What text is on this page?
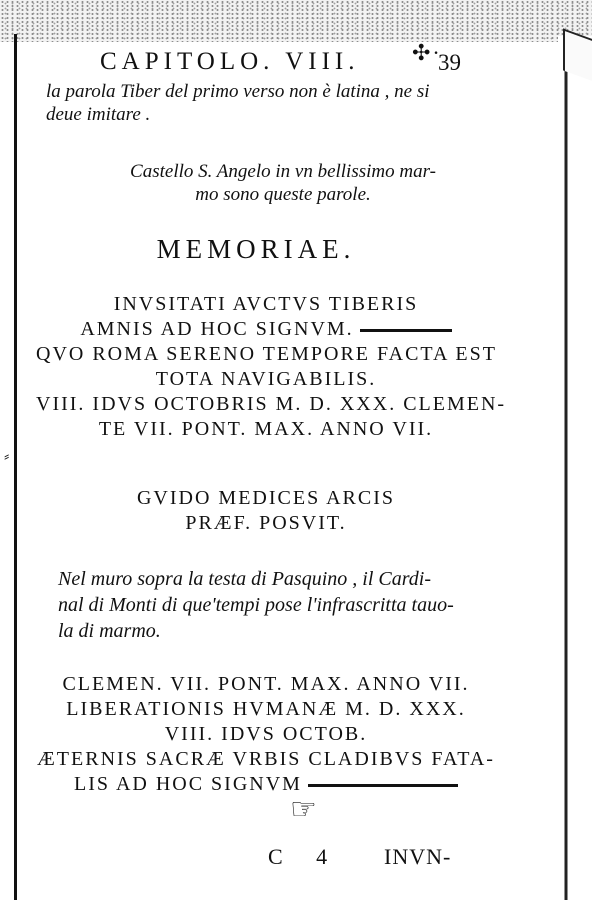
⸗
CAPITOLO. VIII. ✣·
39

la parola Tiber del primo verso non è latina , ne si

deue imitare .

Castello S. Angelo in vn bellissimo mar-

mo sono queste parole.

MEMORIAE.
INVSITATI AVCTVS TIBERIS
AMNIS AD HOC SIGNVM.
QVO ROMA SERENO TEMPORE FACTA EST
TOTA NAVIGABILIS.
VIII. IDVS OCTOBRIS M. D. XXX. CLEMEN-
TE VII. PONT. MAX. ANNO VII.
GVIDO MEDICES ARCIS
PRÆF. POSVIT.

Nel muro sopra la testa di Pasquino , il Cardi-

nal di Monti di que'tempi pose l'infrascritta tauo-

la di marmo.

CLEMEN. VII. PONT. MAX. ANNO VII.
LIBERATIONIS HVMANÆ M. D. XXX.
VIII. IDVS OCTOB.
ÆTERNIS SACRÆ VRBIS CLADIBVS FATA-
LIS AD HOC SIGNVM
☞
C 4 INVN-
